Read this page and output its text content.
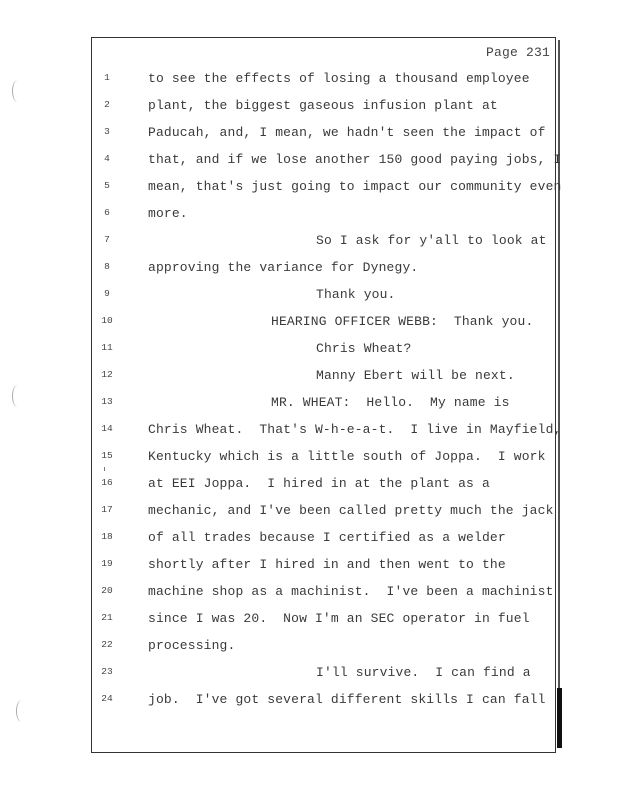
Page 231
1	to see the effects of losing a thousand employee
2	plant, the biggest gaseous infusion plant at
3	Paducah, and, I mean, we hadn't seen the impact of
4	that, and if we lose another 150 good paying jobs, I
5	mean, that's just going to impact our community even
6	more.
7	So I ask for y'all to look at
8	approving the variance for Dynegy.
9	Thank you.
10	HEARING OFFICER WEBB:  Thank you.
11	Chris Wheat?
12	Manny Ebert will be next.
13	MR. WHEAT:  Hello.  My name is
14	Chris Wheat.  That's W-h-e-a-t.  I live in Mayfield,
15	Kentucky which is a little south of Joppa.  I work
16	at EEI Joppa.  I hired in at the plant as a
17	mechanic, and I've been called pretty much the jack
18	of all trades because I certified as a welder
19	shortly after I hired in and then went to the
20	machine shop as a machinist.  I've been a machinist
21	since I was 20.  Now I'm an SEC operator in fuel
22	processing.
23	I'll survive.  I can find a
24	job.  I've got several different skills I can fall
